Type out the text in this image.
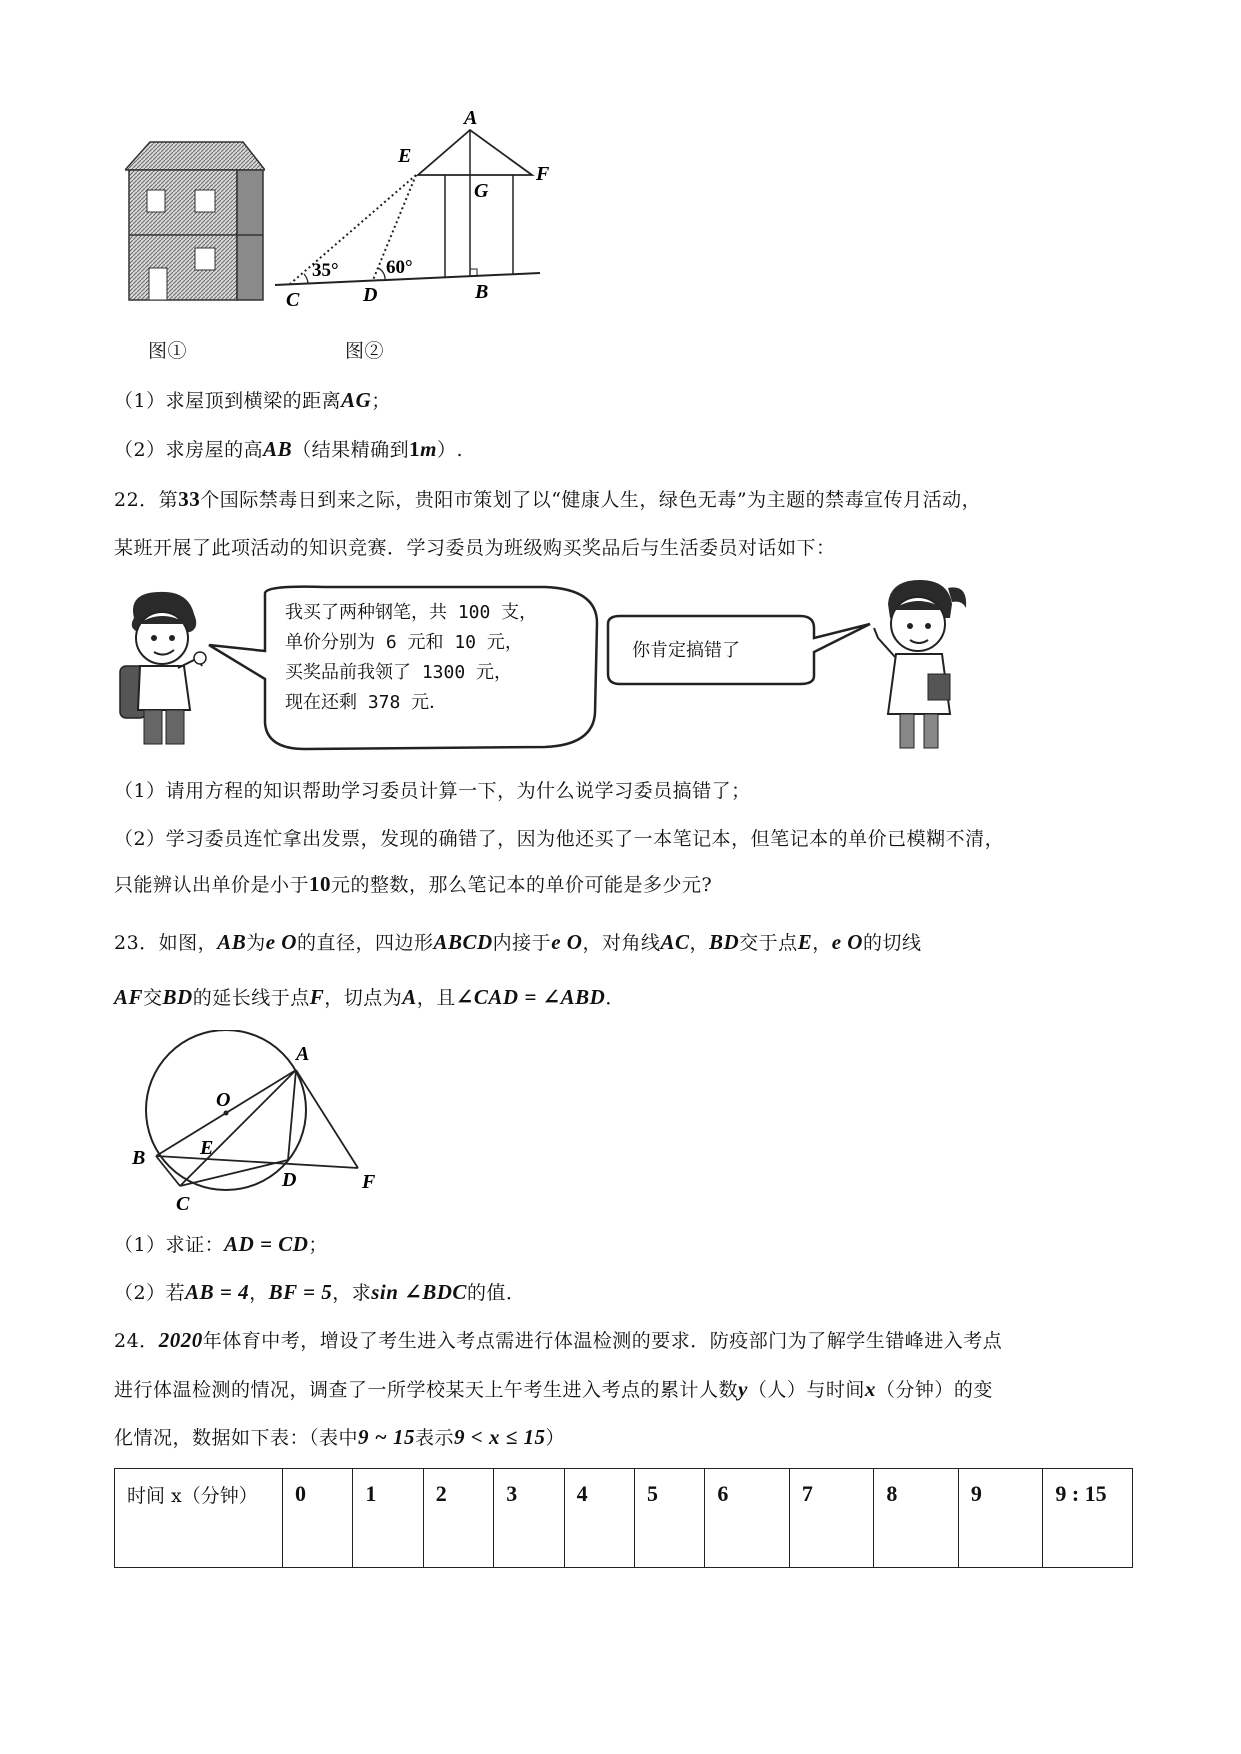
A
E
G
F
C	D	B
35° 60°
图①	图②
（1）求屋顶到横梁的距离AG；
（2）求房屋的高AB（结果精确到1m）.
22．第33个国际禁毒日到来之际，贵阳市策划了以“健康人生，绿色无毒”为主题的禁毒宣传月活动，
某班开展了此项活动的知识竞赛．学习委员为班级购买奖品后与生活委员对话如下：
我买了两种钢笔，共 100 支，
单价分别为 6 元和 10 元，
买奖品前我领了 1300 元，
现在还剩 378 元．
你肯定搞错了
（1）请用方程的知识帮助学习委员计算一下，为什么说学习委员搞错了；
（2）学习委员连忙拿出发票，发现的确错了，因为他还买了一本笔记本，但笔记本的单价已模糊不清，
只能辨认出单价是小于10元的整数，那么笔记本的单价可能是多少元?
23．如图，AB为e O的直径，四边形ABCD内接于e O，对角线AC，BD交于点E，e O的切线
AF交BD的延长线于点F，切点为A，且∠CAD = ∠ABD．
A
O
E
B
D	F
C
（1）求证：AD = CD；
（2）若AB = 4，BF = 5，求sin ∠BDC的值．
24．2020年体育中考，增设了考生进入考点需进行体温检测的要求．防疫部门为了解学生错峰进入考点
进行体温检测的情况，调查了一所学校某天上午考生进入考点的累计人数y（人）与时间x（分钟）的变
化情况，数据如下表：（表中9 ~ 15表示9 < x ≤ 15）
时间 x（分钟）	0	1	2	3	4	5	6	7	8	9	9 : 15
